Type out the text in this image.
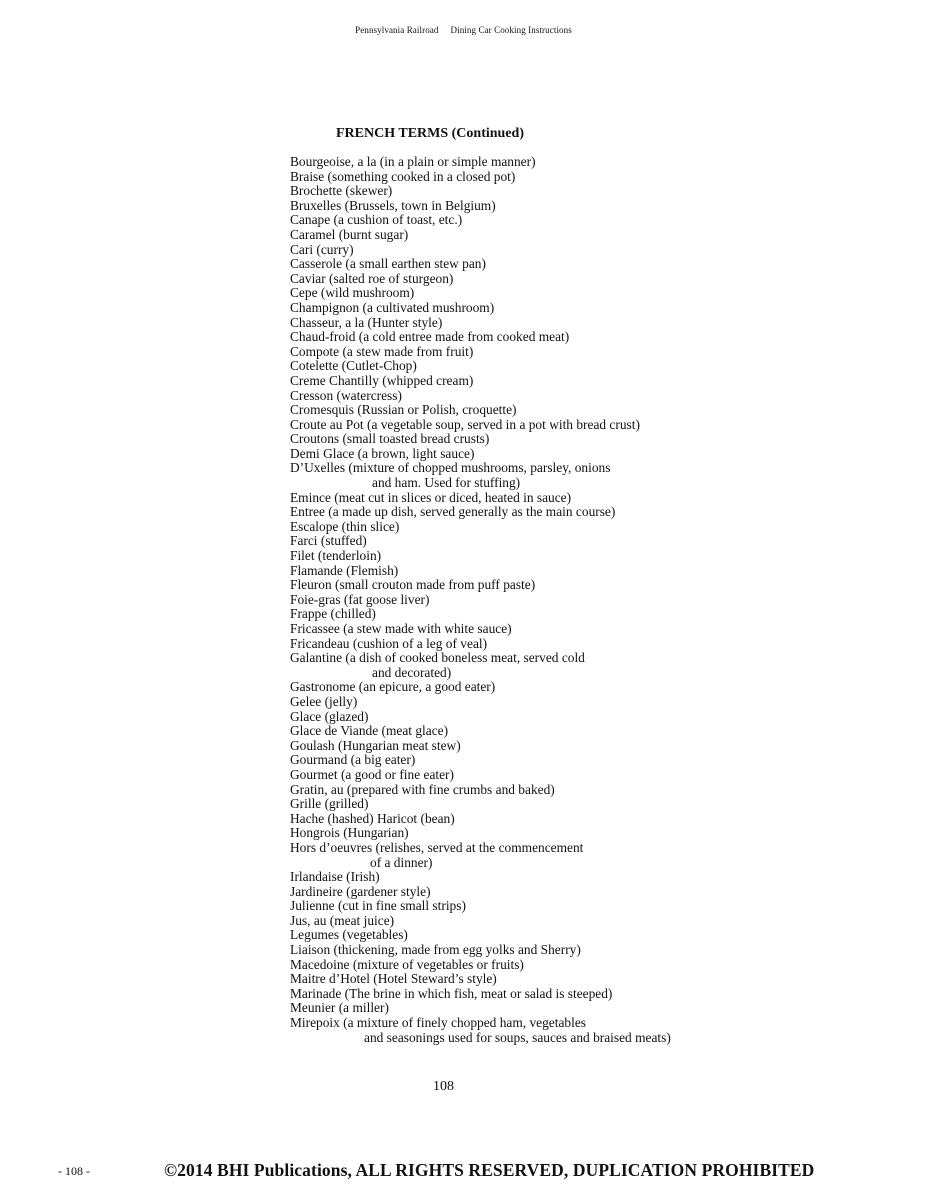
Pennsylvania Railroad Dining Car Cooking Instructions
FRENCH TERMS (Continued)
Bourgeoise, a la (in a plain or simple manner)
Braise (something cooked in a closed pot)
Brochette (skewer)
Bruxelles (Brussels, town in Belgium)
Canape (a cushion of toast, etc.)
Caramel (burnt sugar)
Cari (curry)
Casserole (a small earthen stew pan)
Caviar (salted roe of sturgeon)
Cepe (wild mushroom)
Champignon (a cultivated mushroom)
Chasseur, a la (Hunter style)
Chaud-froid (a cold entree made from cooked meat)
Compote (a stew made from fruit)
Cotelette (Cutlet-Chop)
Creme Chantilly (whipped cream)
Cresson (watercress)
Cromesquis (Russian or Polish, croquette)
Croute au Pot (a vegetable soup, served in a pot with bread crust)
Croutons (small toasted bread crusts)
Demi Glace (a brown, light sauce)
D’Uxelles (mixture of chopped mushrooms, parsley, onions
and ham. Used for stuffing)
Emince (meat cut in slices or diced, heated in sauce)
Entree (a made up dish, served generally as the main course)
Escalope (thin slice)
Farci (stuffed)
Filet (tenderloin)
Flamande (Flemish)
Fleuron (small crouton made from puff paste)
Foie-gras (fat goose liver)
Frappe (chilled)
Fricassee (a stew made with white sauce)
Fricandeau (cushion of a leg of veal)
Galantine (a dish of cooked boneless meat, served cold
and decorated)
Gastronome (an epicure, a good eater)
Gelee (jelly)
Glace (glazed)
Glace de Viande (meat glace)
Goulash (Hungarian meat stew)
Gourmand (a big eater)
Gourmet (a good or fine eater)
Gratin, au (prepared with fine crumbs and baked)
Grille (grilled)
Hache (hashed) Haricot (bean)
Hongrois (Hungarian)
Hors d’oeuvres (relishes, served at the commencement
of a dinner)
Irlandaise (Irish)
Jardineire (gardener style)
Julienne (cut in fine small strips)
Jus, au (meat juice)
Legumes (vegetables)
Liaison (thickening, made from egg yolks and Sherry)
Macedoine (mixture of vegetables or fruits)
Maitre d’Hotel (Hotel Steward’s style)
Marinade (The brine in which fish, meat or salad is steeped)
Meunier (a miller)
Mirepoix (a mixture of finely chopped ham, vegetables
and seasonings used for soups, sauces and braised meats)
108
- 108 -	©2014 BHI Publications, ALL RIGHTS RESERVED, DUPLICATION PROHIBITED
